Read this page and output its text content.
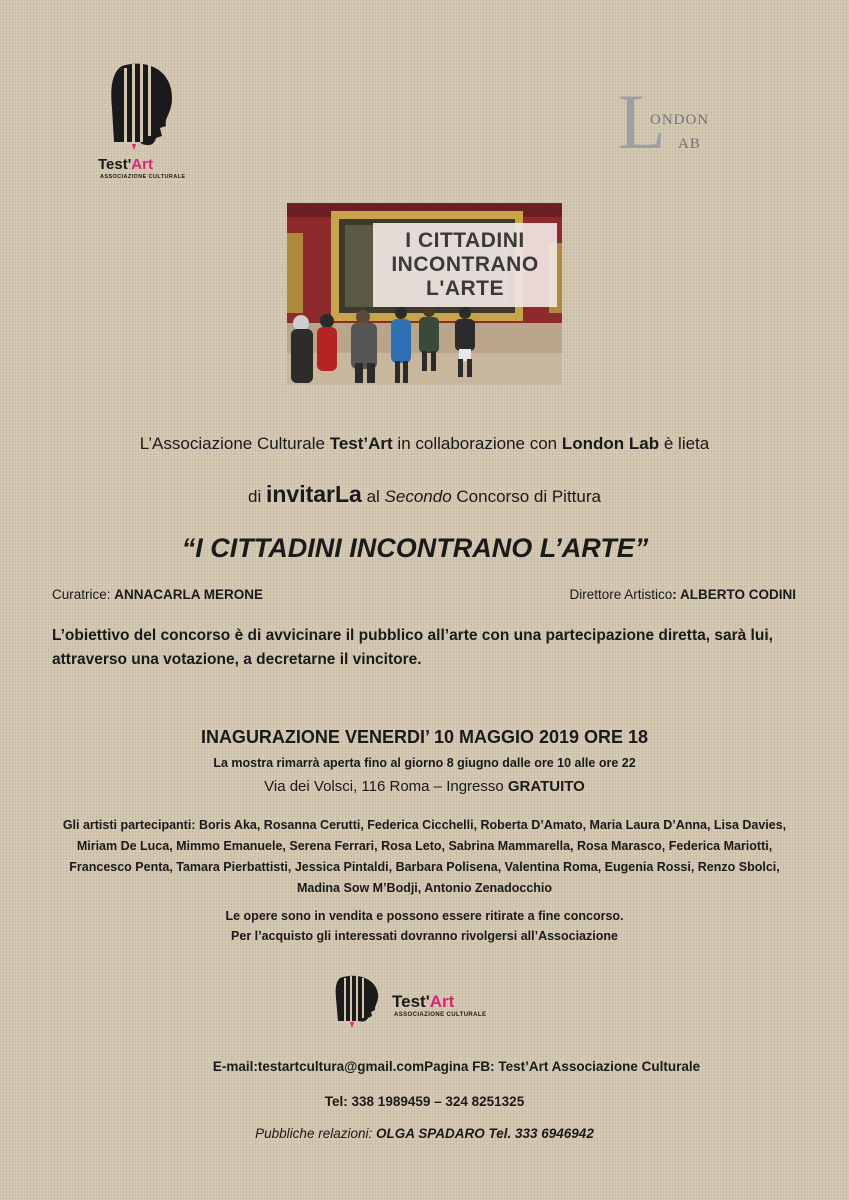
Test'Art
ASSOCIAZIONE CULTURALE
L
ONDON
AB
I CITTADINI
INCONTRANO
L'ARTE
L’Associazione Culturale Test’Art in collaborazione con London Lab è lieta
di invitarLa al Secondo Concorso di Pittura
“I CITTADINI INCONTRANO L’ARTE”
Curatrice: ANNACARLA MERONE	Direttore Artistico: ALBERTO CODINI
L’obiettivo del concorso è di avvicinare il pubblico all’arte con una partecipazione diretta, sarà lui, attraverso una votazione, a decretarne il vincitore.
INAGURAZIONE VENERDI’ 10 MAGGIO 2019 ORE 18
La mostra rimarrà aperta fino al giorno 8 giugno dalle ore 10 alle ore 22
Via dei Volsci, 116 Roma – Ingresso GRATUITO
Gli artisti partecipanti: Boris Aka, Rosanna Cerutti, Federica Cicchelli, Roberta D’Amato, Maria Laura D’Anna, Lisa Davies, Miriam De Luca, Mimmo Emanuele, Serena Ferrari, Rosa Leto, Sabrina Mammarella, Rosa Marasco, Federica Mariotti, Francesco Penta, Tamara Pierbattisti, Jessica Pintaldi, Barbara Polisena, Valentina Roma, Eugenia Rossi, Renzo Sbolci, Madina Sow M’Bodji, Antonio Zenadocchio
Le opere sono in vendita e possono essere ritirate a fine concorso.
Per l’acquisto gli interessati dovranno rivolgersi all’Associazione
Test'Art
ASSOCIAZIONE CULTURALE
E-mail:testartcultura@gmail.comPagina FB: Test’Art Associazione Culturale
Tel: 338 1989459 – 324 8251325
Pubbliche relazioni: OLGA SPADARO Tel. 333 6946942
